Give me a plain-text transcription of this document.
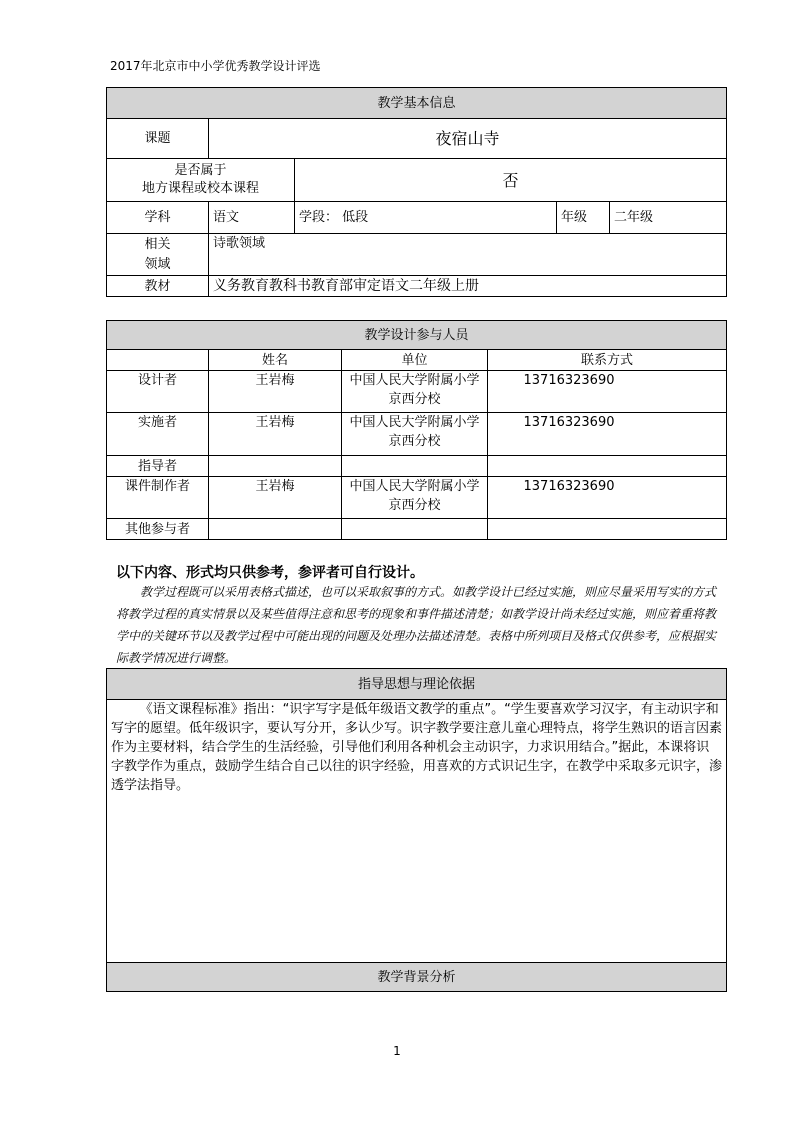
2017年北京市中小学优秀教学设计评选
教学基本信息				
课题	夜宿山寺			
是否属于
地方课程或校本课程		否		
学科	语文	学段： 低段	年级	二年级
相关
领域	诗歌领域			
教材	义务教育教科书教育部审定语文二年级上册			
教学设计参与人员			
	姓名	单位	联系方式
设计者	王岩梅	中国人民大学附属小学京西分校	13716323690
实施者	王岩梅	中国人民大学附属小学京西分校	13716323690
指导者			
课件制作者	王岩梅	中国人民大学附属小学京西分校	13716323690
其他参与者			
以下内容、形式均只供参考，参评者可自行设计。
教学过程既可以采用表格式描述，也可以采取叙事的方式。如教学设计已经过实施，则应尽量采用写实的方式将教学过程的真实情景以及某些值得注意和思考的现象和事件描述清楚；如教学设计尚未经过实施，则应着重将教学中的关键环节以及教学过程中可能出现的问题及处理办法描述清楚。表格中所列项目及格式仅供参考，应根据实际教学情况进行调整。
指导思想与理论依据
《语文课程标准》指出：“识字写字是低年级语文教学的重点”。“学生要喜欢学习汉字，有主动识字和写字的愿望。低年级识字，要认写分开，多认少写。识字教学要注意儿童心理特点，将学生熟识的语言因素作为主要材料，结合学生的生活经验，引导他们利用各种机会主动识字，力求识用结合。”据此，本课将识字教学作为重点，鼓励学生结合自己以往的识字经验，用喜欢的方式识记生字，在教学中采取多元识字，渗透学法指导。
教学背景分析
1
